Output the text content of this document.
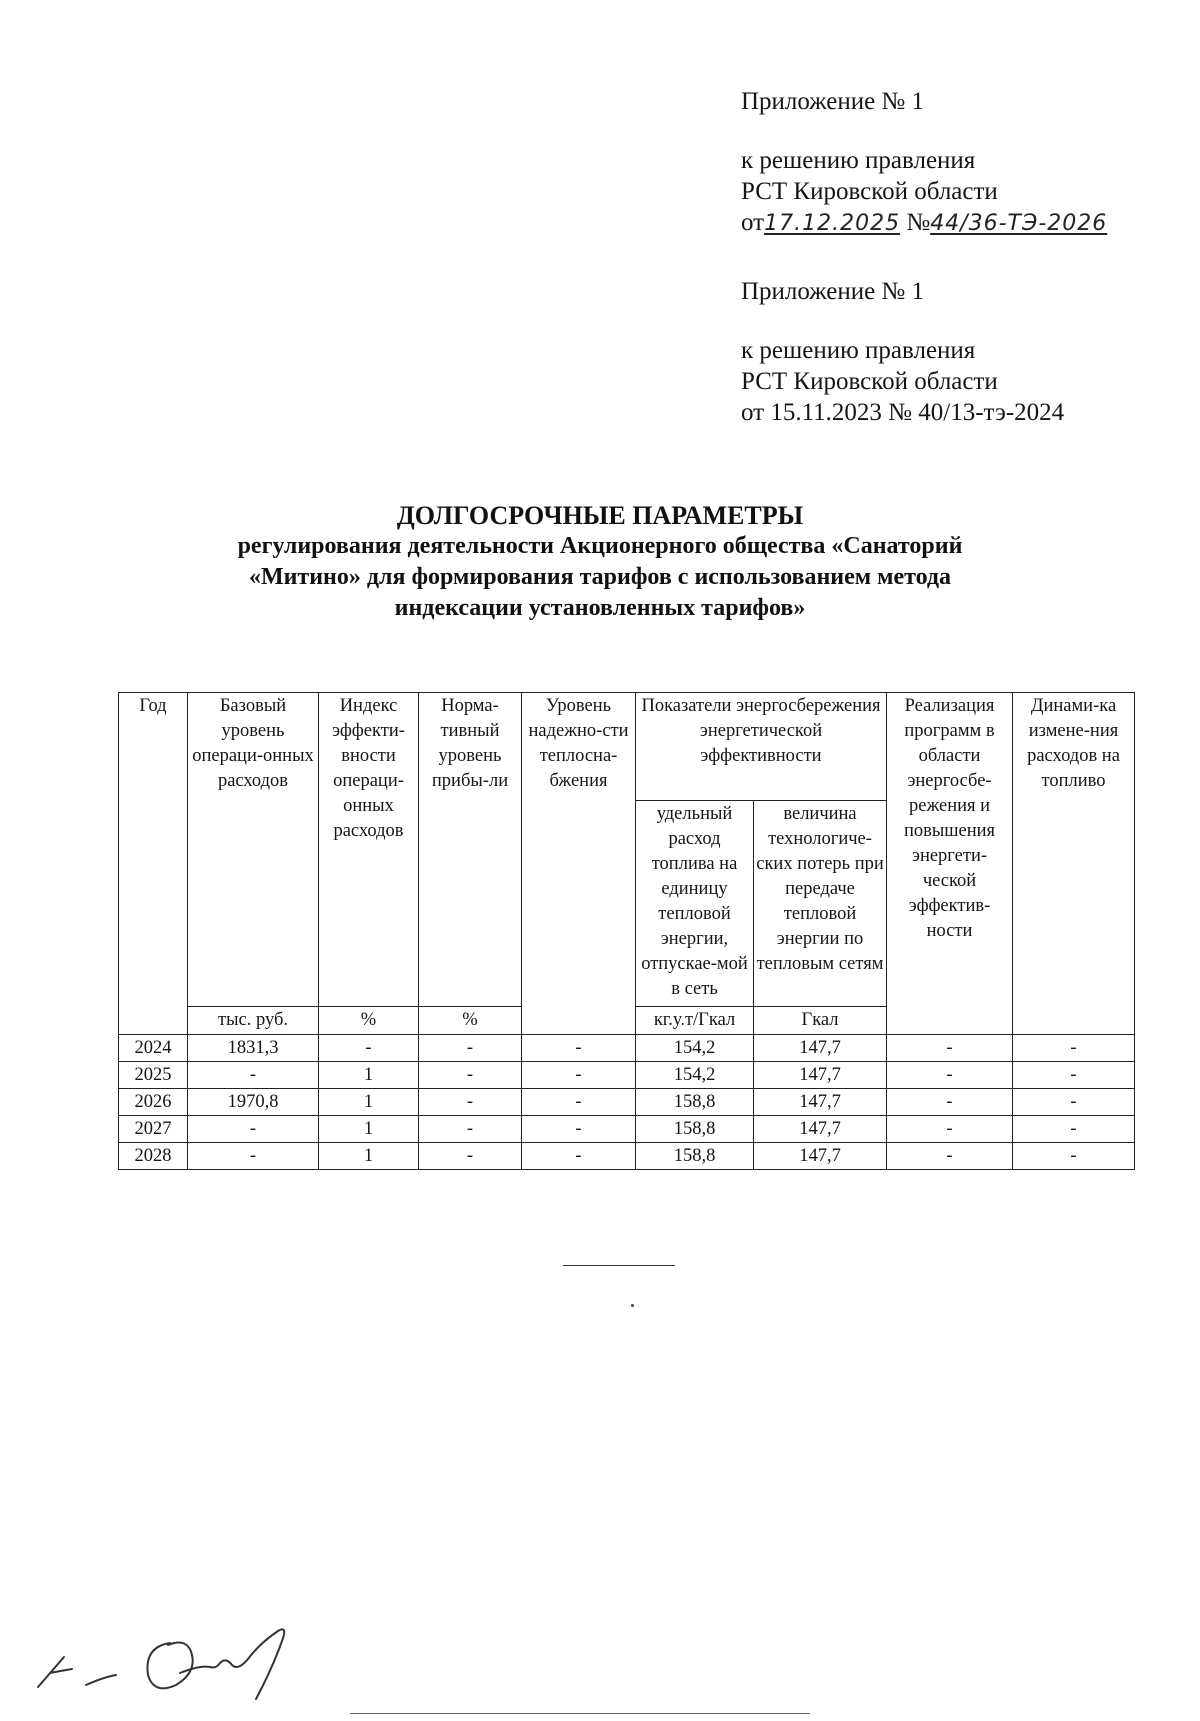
Приложение № 1
к решению правления
РСТ Кировской области
от17.12.2025 №44/36-ТЭ-2026
Приложение № 1
к решению правления
РСТ Кировской области
от 15.11.2023 № 40/13-тэ-2024
ДОЛГОСРОЧНЫЕ ПАРАМЕТРЫ
регулирования деятельности Акционерного общества «Санаторий
«Митино» для формирования тарифов с использованием метода
индексации установленных тарифов»
Год	Базовый уровень операци-онных расходов	Индекс эффекти-вности операци-онных расходов	Норма-тивный уровень прибы-ли	Уровень надежно-сти теплосна-бжения	Показатели энергосбережения энергетической эффективности		Реализация программ в области энергосбе-режения и повышения энергети-ческой эффектив-ности	Динами-ка измене-ния расходов на топливо
					удельный расход топлива на единицу тепловой энергии, отпускае-мой в сеть	величина технологиче-ских потерь при передаче тепловой энергии по тепловым сетям		
	тыс. руб.	%	%		кг.у.т/Гкал	Гкал		
2024	1831,3	-	-	-	154,2	147,7	-	-
2025	-	1	-	-	154,2	147,7	-	-
2026	1970,8	1	-	-	158,8	147,7	-	-
2027	-	1	-	-	158,8	147,7	-	-
2028	-	1	-	-	158,8	147,7	-	-
